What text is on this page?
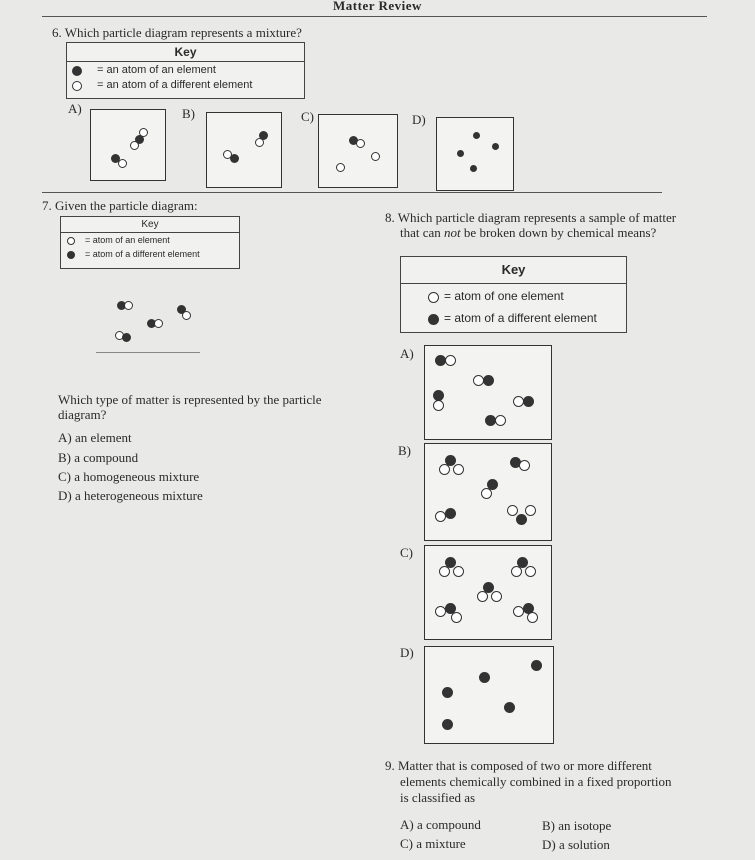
Matter Review
6. Which particle diagram represents a mixture?
Key
= an atom of an element
= an atom of a different element
A)	B)	C)	D)
7. Given the particle diagram:
Key
= atom of an element
= atom of a different element
Which type of matter is represented by the particle
diagram?
A) an element
B) a compound
C) a homogeneous mixture
D) a heterogeneous mixture
8. Which particle diagram represents a sample of matter
that can not be broken down by chemical means?
Key
= atom of one element
= atom of a different element
A)
B)
C)
D)
9. Matter that is composed of two or more different
elements chemically combined in a fixed proportion
is classified as
A) a compound	B) an isotope
C) a mixture	D) a solution
